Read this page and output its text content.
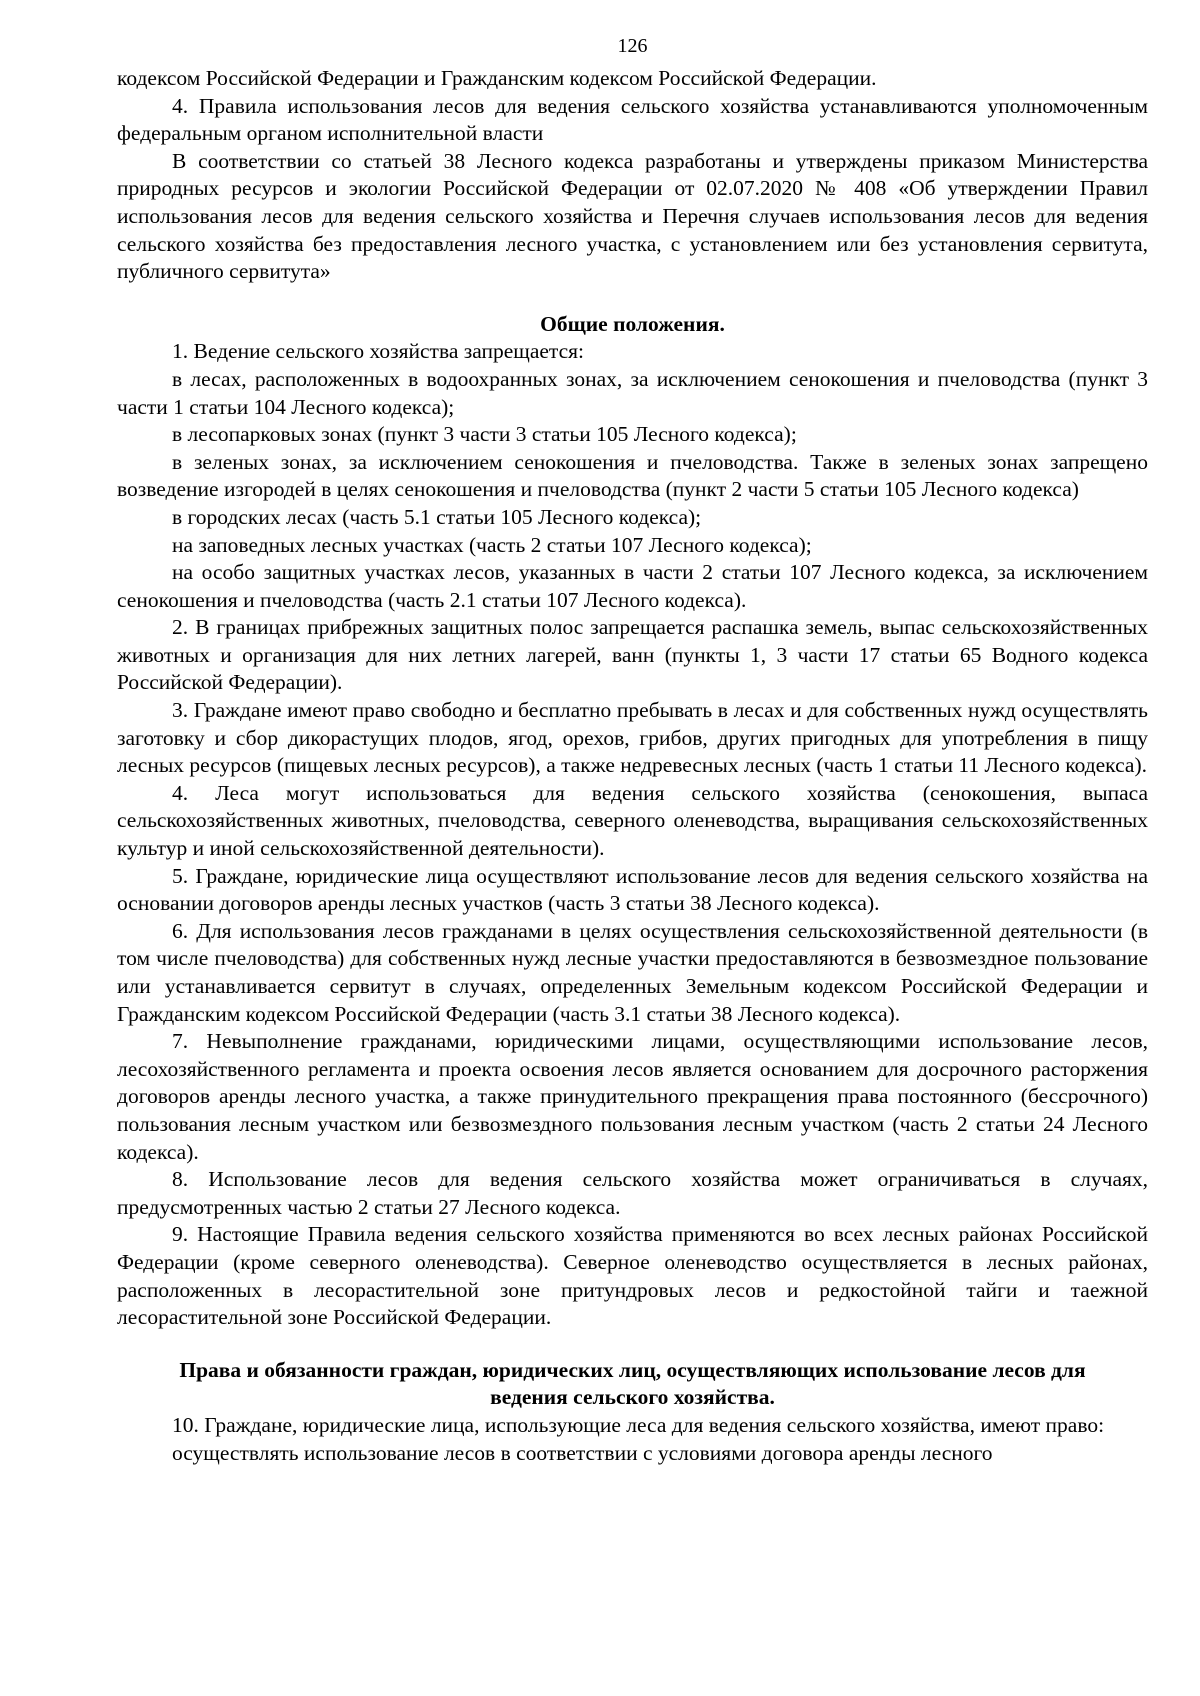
126

кодексом Российской Федерации и Гражданским кодексом Российской Федерации.

4. Правила использования лесов для ведения сельского хозяйства устанавливаются уполномоченным федеральным органом исполнительной власти

В соответствии со статьей 38 Лесного кодекса разработаны и утверждены приказом Министерства природных ресурсов и экологии Российской Федерации от 02.07.2020 № 408 «Об утверждении Правил использования лесов для ведения сельского хозяйства и Перечня случаев использования лесов для ведения сельского хозяйства без предоставления лесного участка, с установлением или без установления сервитута, публичного сервитута»

Общие положения.

1. Ведение сельского хозяйства запрещается:

в лесах, расположенных в водоохранных зонах, за исключением сенокошения и пчеловодства (пункт 3 части 1 статьи 104 Лесного кодекса);

в лесопарковых зонах (пункт 3 части 3 статьи 105 Лесного кодекса);

в зеленых зонах, за исключением сенокошения и пчеловодства. Также в зеленых зонах запрещено возведение изгородей в целях сенокошения и пчеловодства (пункт 2 части 5 статьи 105 Лесного кодекса)

в городских лесах (часть 5.1 статьи 105 Лесного кодекса);

на заповедных лесных участках (часть 2 статьи 107 Лесного кодекса);

на особо защитных участках лесов, указанных в части 2 статьи 107 Лесного кодекса, за исключением сенокошения и пчеловодства (часть 2.1 статьи 107 Лесного кодекса).

2. В границах прибрежных защитных полос запрещается распашка земель, выпас сельскохозяйственных животных и организация для них летних лагерей, ванн (пункты 1, 3 части 17 статьи 65 Водного кодекса Российской Федерации).

3. Граждане имеют право свободно и бесплатно пребывать в лесах и для собственных нужд осуществлять заготовку и сбор дикорастущих плодов, ягод, орехов, грибов, других пригодных для употребления в пищу лесных ресурсов (пищевых лесных ресурсов), а также недревесных лесных (часть 1 статьи 11 Лесного кодекса).

4. Леса могут использоваться для ведения сельского хозяйства (сенокошения, выпаса сельскохозяйственных животных, пчеловодства, северного оленеводства, выращивания сельскохозяйственных культур и иной сельскохозяйственной деятельности).

5. Граждане, юридические лица осуществляют использование лесов для ведения сельского хозяйства на основании договоров аренды лесных участков (часть 3 статьи 38 Лесного кодекса).

6. Для использования лесов гражданами в целях осуществления сельскохозяйственной деятельности (в том числе пчеловодства) для собственных нужд лесные участки предоставляются в безвозмездное пользование или устанавливается сервитут в случаях, определенных Земельным кодексом Российской Федерации и Гражданским кодексом Российской Федерации (часть 3.1 статьи 38 Лесного кодекса).

7. Невыполнение гражданами, юридическими лицами, осуществляющими использование лесов, лесохозяйственного регламента и проекта освоения лесов является основанием для досрочного расторжения договоров аренды лесного участка, а также принудительного прекращения права постоянного (бессрочного) пользования лесным участком или безвозмездного пользования лесным участком (часть 2 статьи 24 Лесного кодекса).

8. Использование лесов для ведения сельского хозяйства может ограничиваться в случаях, предусмотренных частью 2 статьи 27 Лесного кодекса.

9. Настоящие Правила ведения сельского хозяйства применяются во всех лесных районах Российской Федерации (кроме северного оленеводства). Северное оленеводство осуществляется в лесных районах, расположенных в лесорастительной зоне притундровых лесов и редкостойной тайги и таежной лесорастительной зоне Российской Федерации.

Права и обязанности граждан, юридических лиц, осуществляющих использование лесов для
ведения сельского хозяйства.

10. Граждане, юридические лица, использующие леса для ведения сельского хозяйства, имеют право:

осуществлять использование лесов в соответствии с условиями договора аренды лесного
